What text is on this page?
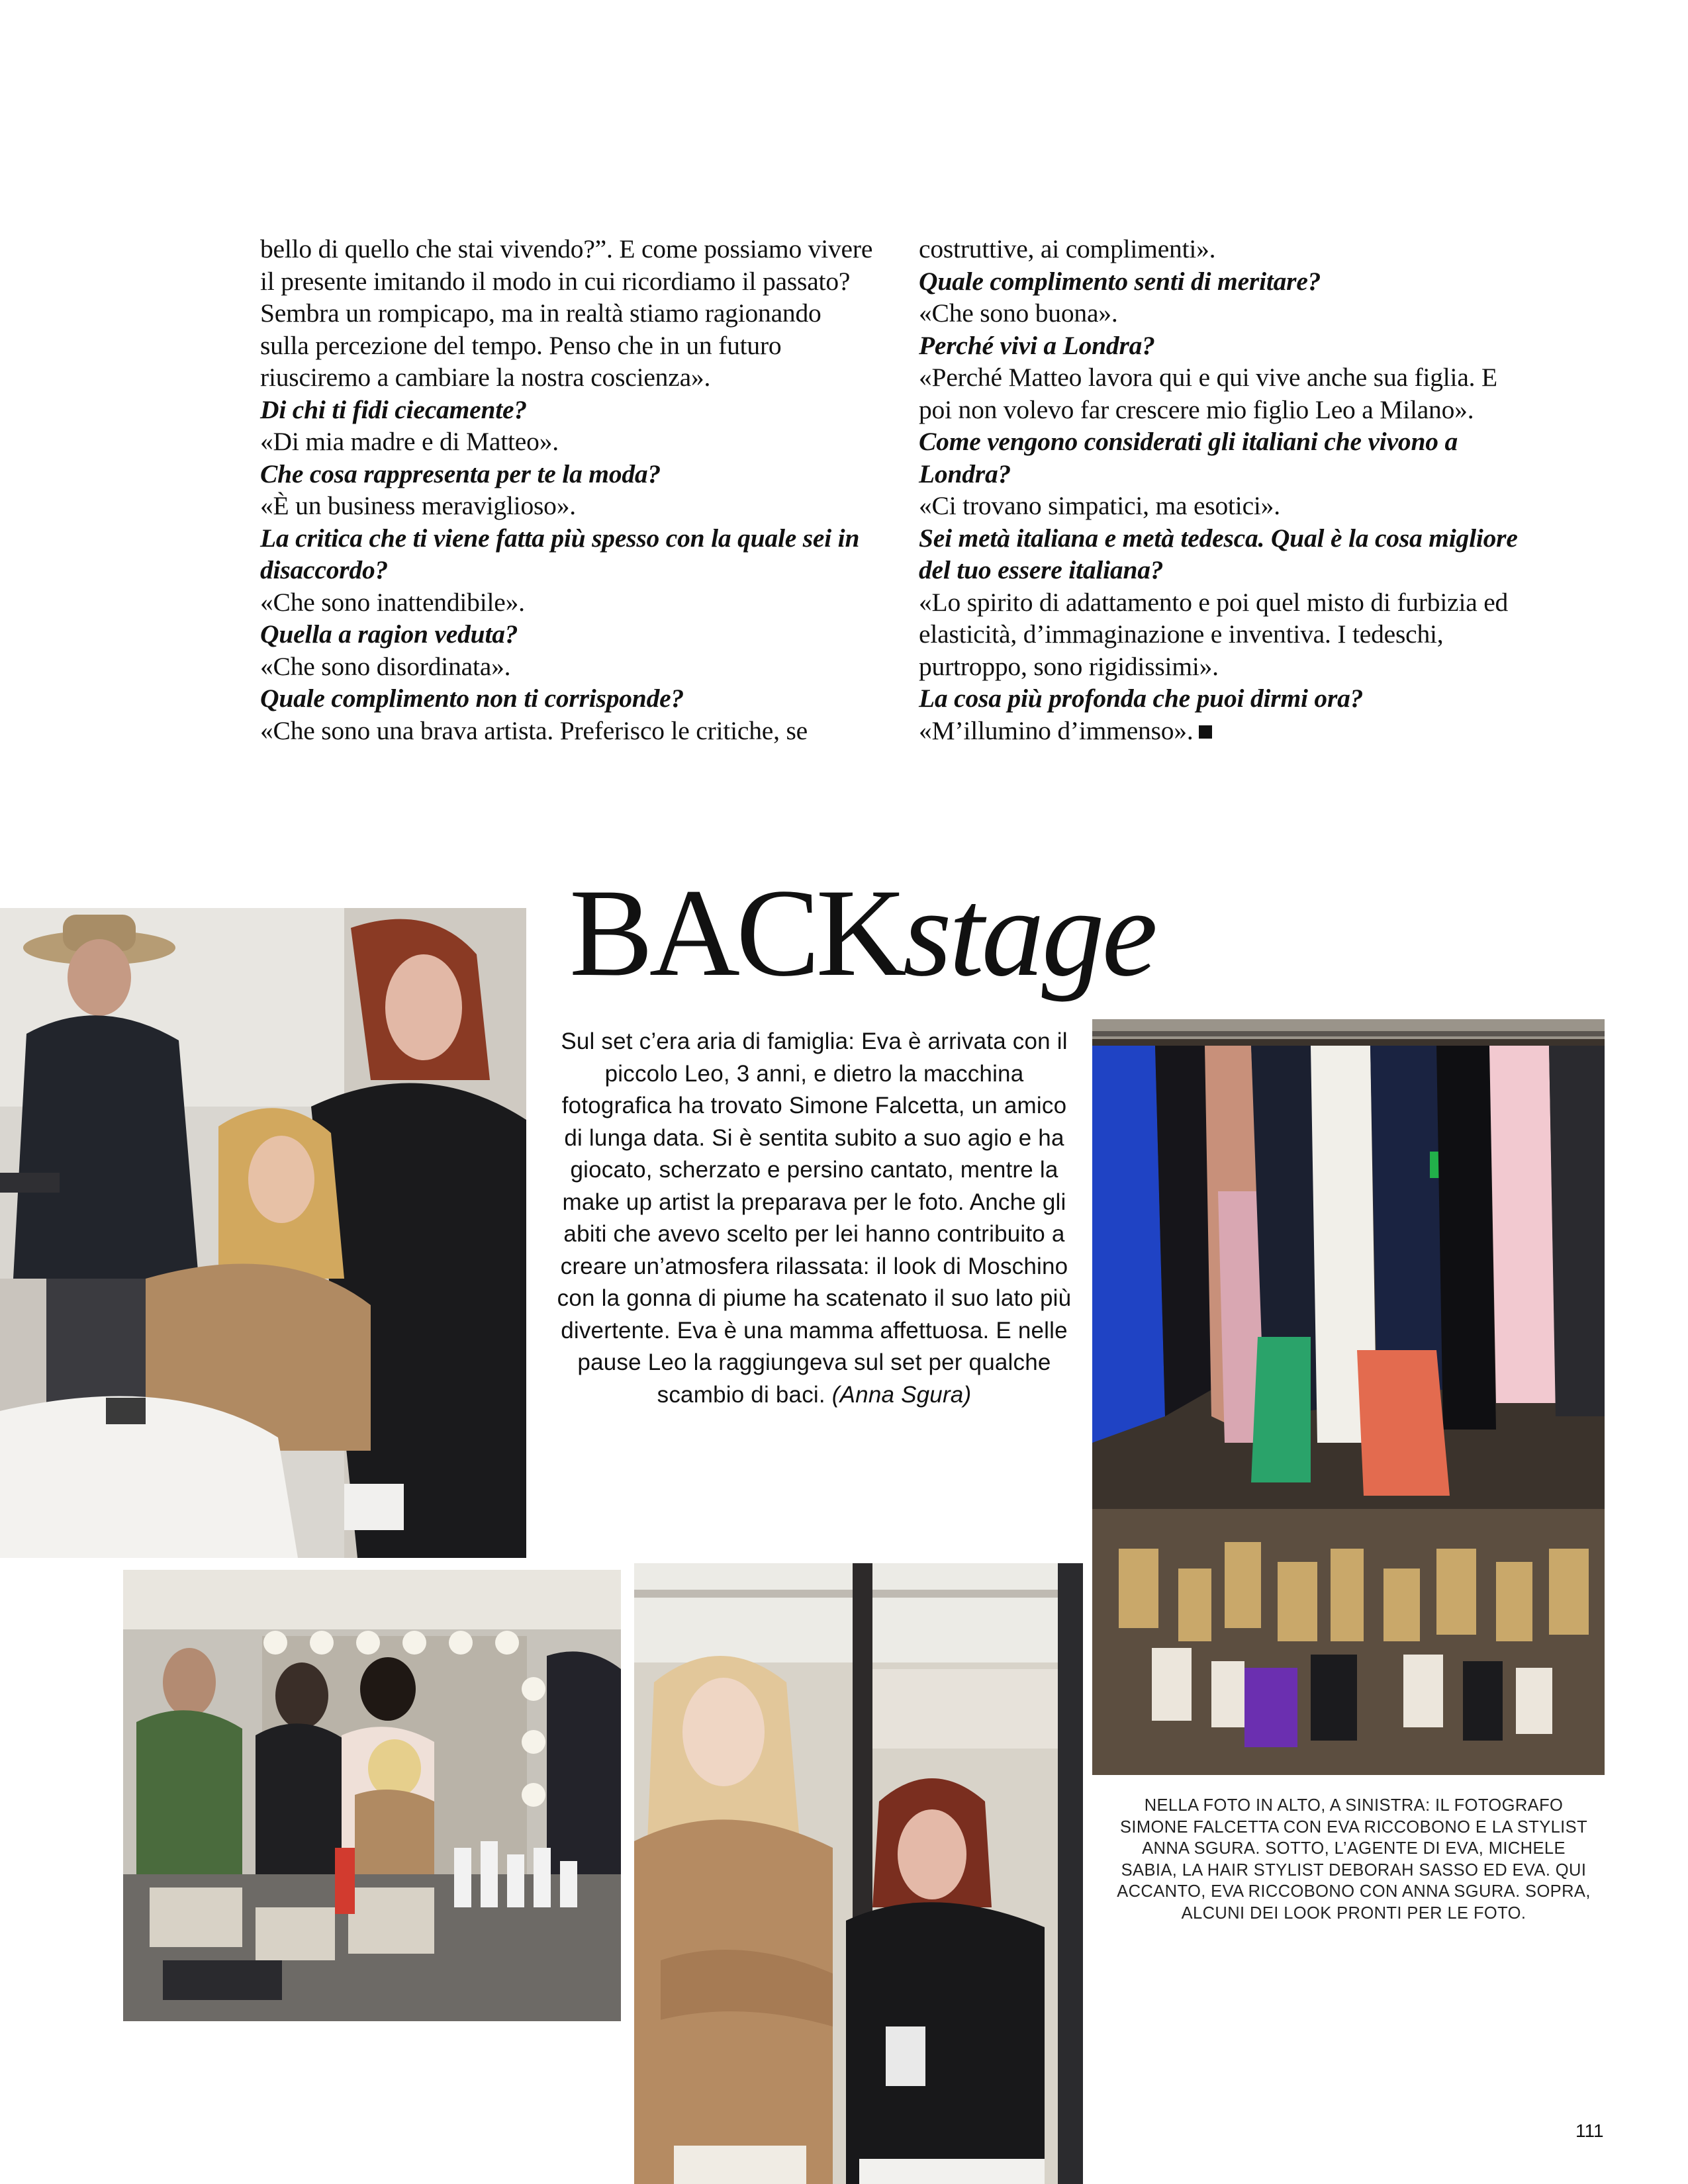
bello di quello che stai vivendo?”. E come possiamo vivere il presente imitando il modo in cui ricordiamo il passato? Sembra un rompicapo, ma in realtà stiamo ragionando sulla percezione del tempo. Penso che in un futuro riusciremo a cambiare la nostra coscienza».

Di chi ti fidi ciecamente?

«Di mia madre e di Matteo».

Che cosa rappresenta per te la moda?

«È un business meraviglioso».

La critica che ti viene fatta più spesso con la quale sei in disaccordo?

«Che sono inattendibile».

Quella a ragion veduta?

«Che sono disordinata».

Quale complimento non ti corrisponde?

«Che sono una brava artista. Preferisco le critiche, se

costruttive, ai complimenti».

Quale complimento senti di meritare?

«Che sono buona».

Perché vivi a Londra?

«Perché Matteo lavora qui e qui vive anche sua figlia. E poi non volevo far crescere mio figlio Leo a Milano».

Come vengono considerati gli italiani che vivono a Londra?

«Ci trovano simpatici, ma esotici».

Sei metà italiana e metà tedesca. Qual è la cosa migliore del tuo essere italiana?

«Lo spirito di adattamento e poi quel misto di furbizia ed elasticità, d’immaginazione e inventiva. I tedeschi, purtroppo, sono rigidissimi».

La cosa più profonda che puoi dirmi ora?

«M’illumino d’immenso».

BACKstage
Sul set c’era aria di famiglia: Eva è arrivata con il piccolo Leo, 3 anni, e dietro la macchina fotografica ha trovato Simone Falcetta, un amico di lunga data. Si è sentita subito a suo agio e ha giocato, scherzato e persino cantato, mentre la make up artist la preparava per le foto. Anche gli abiti che avevo scelto per lei hanno contribuito a creare un’atmosfera rilassata: il look di Moschino con la gonna di piume ha scatenato il suo lato più divertente. Eva è una mamma affettuosa. E nelle pause Leo la raggiungeva sul set per qualche scambio di baci. (Anna Sgura)
NELLA FOTO IN ALTO, A SINISTRA: IL FOTOGRAFO SIMONE FALCETTA CON EVA RICCOBONO E LA STYLIST ANNA SGURA. SOTTO, L’AGENTE DI EVA, MICHELE SABIA, LA HAIR STYLIST DEBORAH SASSO ED EVA. QUI ACCANTO, EVA RICCOBONO CON ANNA SGURA. SOPRA, ALCUNI DEI LOOK PRONTI PER LE FOTO.
111
